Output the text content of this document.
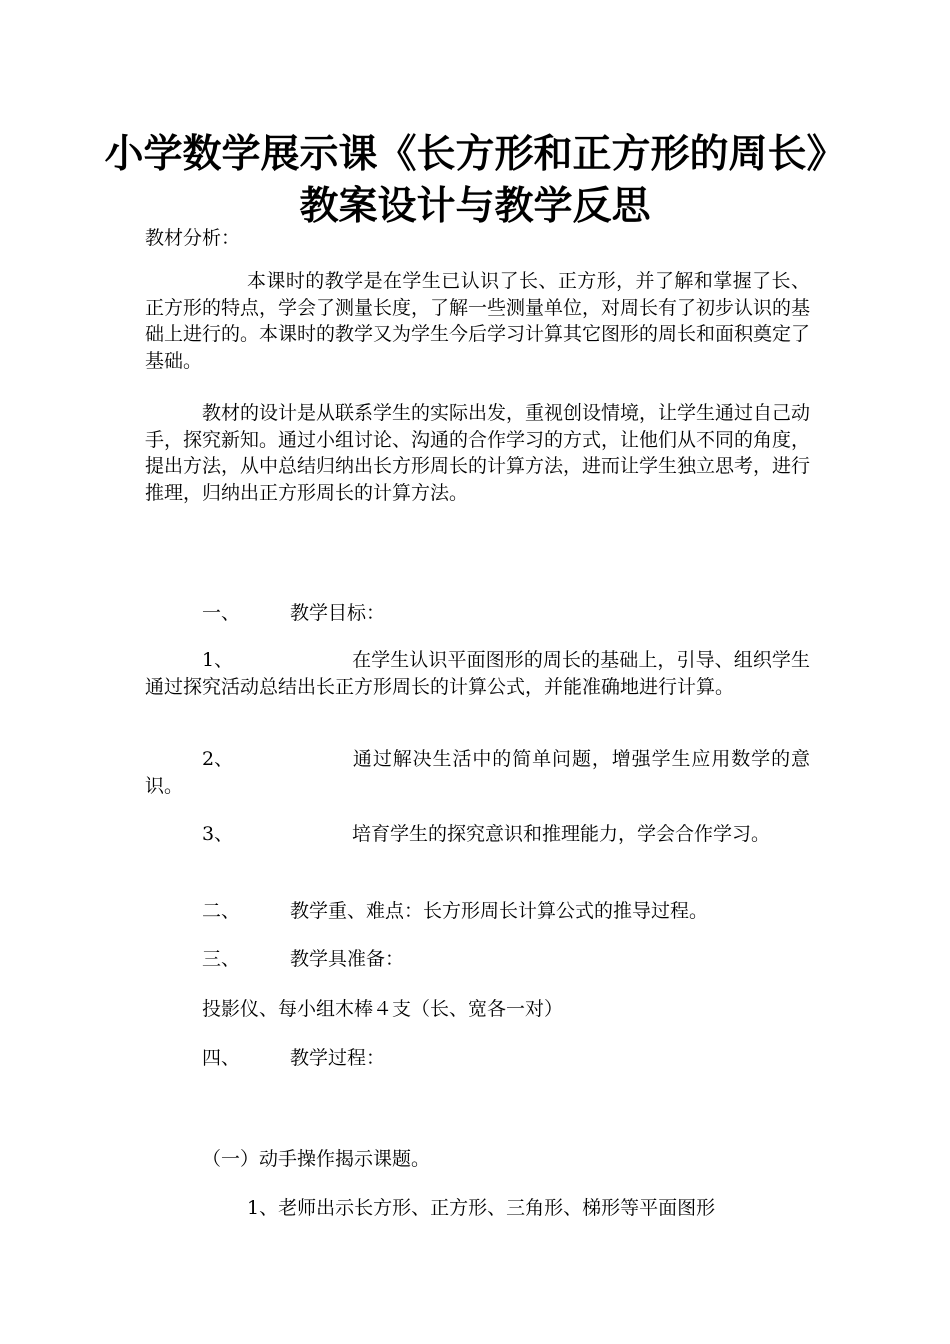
小学数学展示课《长方形和正方形的周长》教案设计与教学反思
教材分析：
本课时的教学是在学生已认识了长、正方形，并了解和掌握了长、正方形的特点，学会了测量长度，了解一些测量单位，对周长有了初步认识的基础上进行的。本课时的教学又为学生今后学习计算其它图形的周长和面积奠定了基础。
教材的设计是从联系学生的实际出发，重视创设情境，让学生通过自己动手，探究新知。通过小组讨论、沟通的合作学习的方式，让他们从不同的角度，提出方法，从中总结归纳出长方形周长的计算方法，进而让学生独立思考，进行推理，归纳出正方形周长的计算方法。
一、	教学目标：
1、	在学生认识平面图形的周长的基础上，引导、组织学生通过探究活动总结出长正方形周长的计算公式，并能准确地进行计算。
2、	通过解决生活中的简单问题，增强学生应用数学的意识。
3、	培育学生的探究意识和推理能力，学会合作学习。
二、	教学重、难点：长方形周长计算公式的推导过程。
三、	教学具准备：
投影仪、每小组木棒４支（长、宽各一对）
四、	教学过程：
（一）动手操作揭示课题。
1、老师出示长方形、正方形、三角形、梯形等平面图形
